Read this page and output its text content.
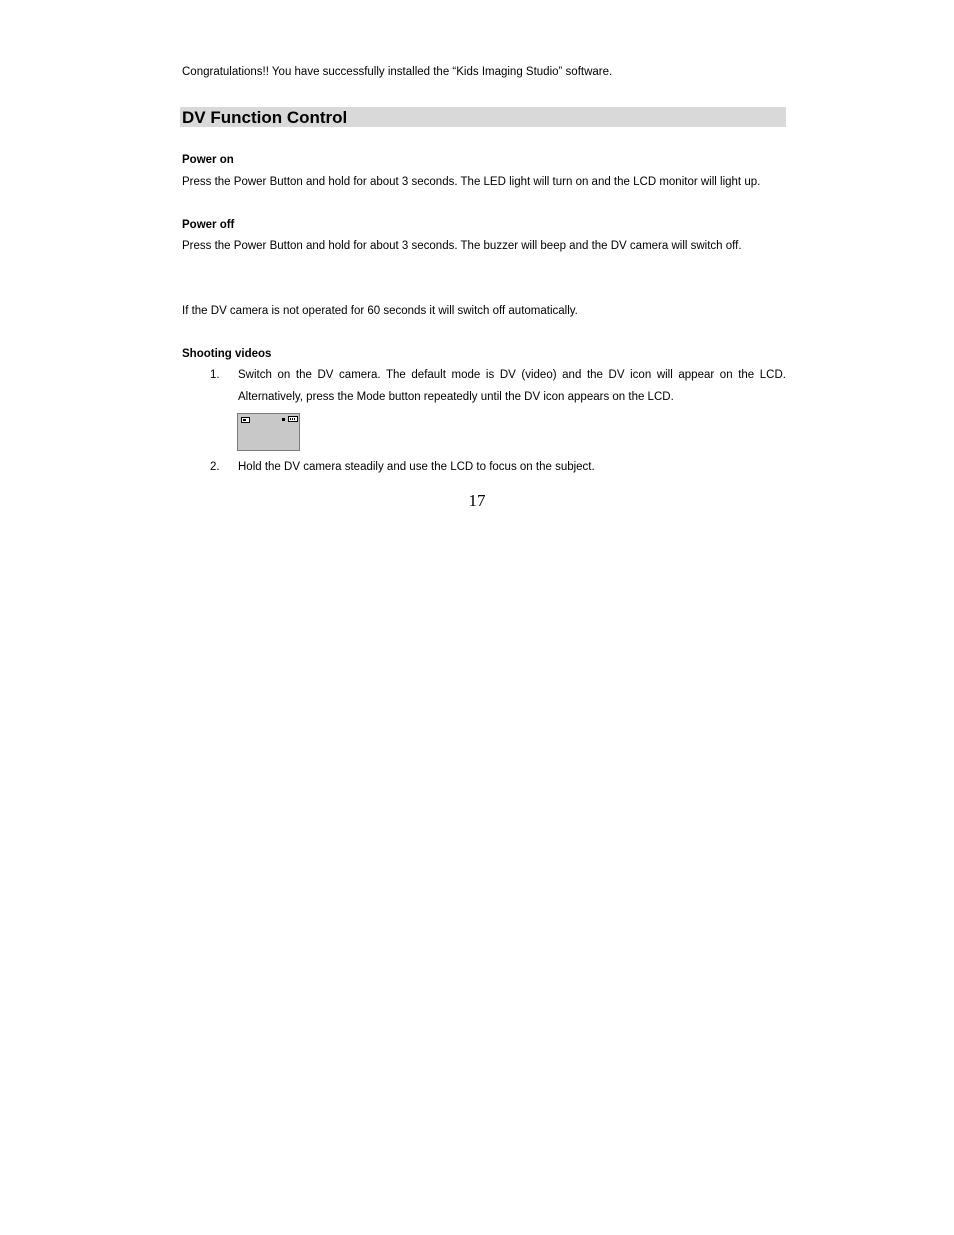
Congratulations!! You have successfully installed the “Kids Imaging Studio” software.
DV Function Control
Power on
Press the Power Button and hold for about 3 seconds. The LED light will turn on and the LCD monitor will light up.
Power off
Press the Power Button and hold for about 3 seconds. The buzzer will beep and the DV camera will switch off.
If the DV camera is not operated for 60 seconds it will switch off automatically.
Shooting videos
1. Switch on the DV camera. The default mode is DV (video) and the DV icon will appear on the LCD. Alternatively, press the Mode button repeatedly until the DV icon appears on the LCD.
2. Hold the DV camera steadily and use the LCD to focus on the subject.
17
